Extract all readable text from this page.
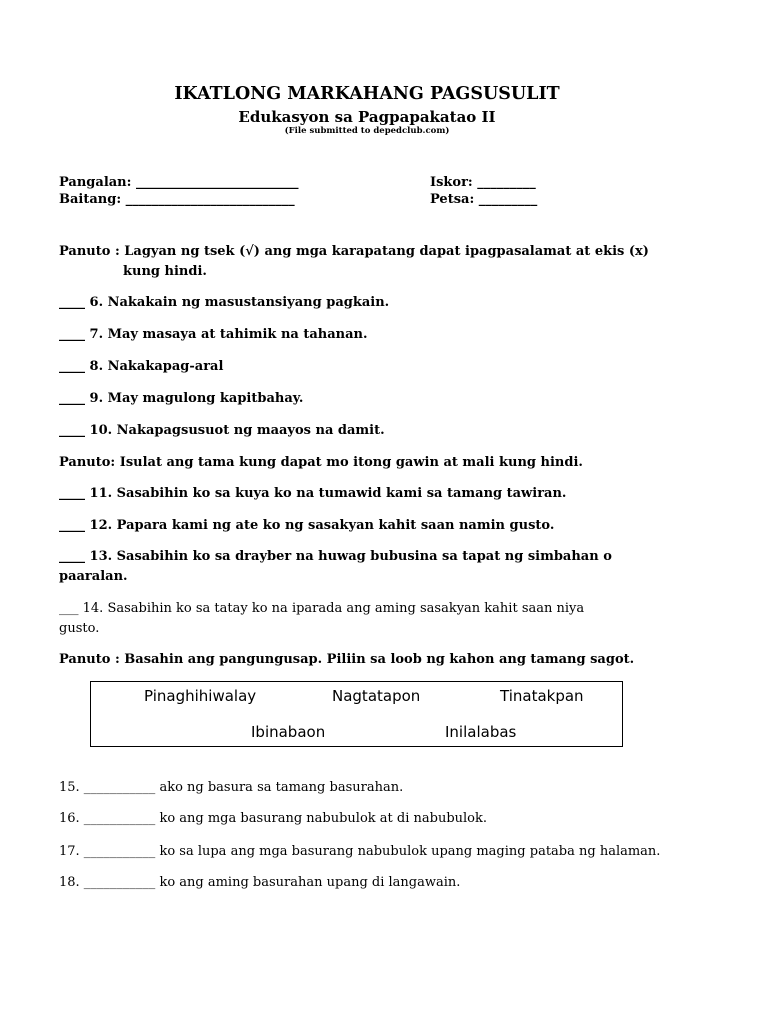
IKATLONG MARKAHANG PAGSUSULIT
Edukasyon sa Pagpapakatao II
(File submitted to depedclub.com)
Pangalan: _________________________
Baitang: __________________________
Iskor: _________
Petsa: _________
Panuto : Lagyan ng tsek (√) ang mga karapatang dapat ipagpasalamat at ekis (x)
kung hindi.
____ 6. Nakakain ng masustansiyang pagkain.
____ 7. May masaya at tahimik na tahanan.
____ 8. Nakakapag-aral
____ 9. May magulong kapitbahay.
____ 10. Nakapagsusuot ng maayos na damit.
Panuto: Isulat ang tama kung dapat mo itong gawin at mali kung hindi.
____ 11. Sasabihin ko sa kuya ko na tumawid kami sa tamang tawiran.
____ 12. Papara kami ng ate ko ng sasakyan kahit saan namin gusto.
____ 13. Sasabihin ko sa drayber na huwag bubusina sa tapat ng simbahan o paaralan.
___ 14. Sasabihin ko sa tatay ko na iparada ang aming sasakyan kahit saan niya gusto.
Panuto : Basahin ang pangungusap. Piliin sa loob ng kahon ang tamang sagot.
Pinaghihiwalay	Nagtatapon	Tinatakpan
Ibinabaon	Inilalabas
15. ___________ ako ng basura sa tamang basurahan.
16. ___________ ko ang mga basurang nabubulok at di nabubulok.
17. ___________ ko sa lupa ang mga basurang nabubulok upang maging pataba ng halaman.
18. ___________ ko ang aming basurahan upang di langawain.
